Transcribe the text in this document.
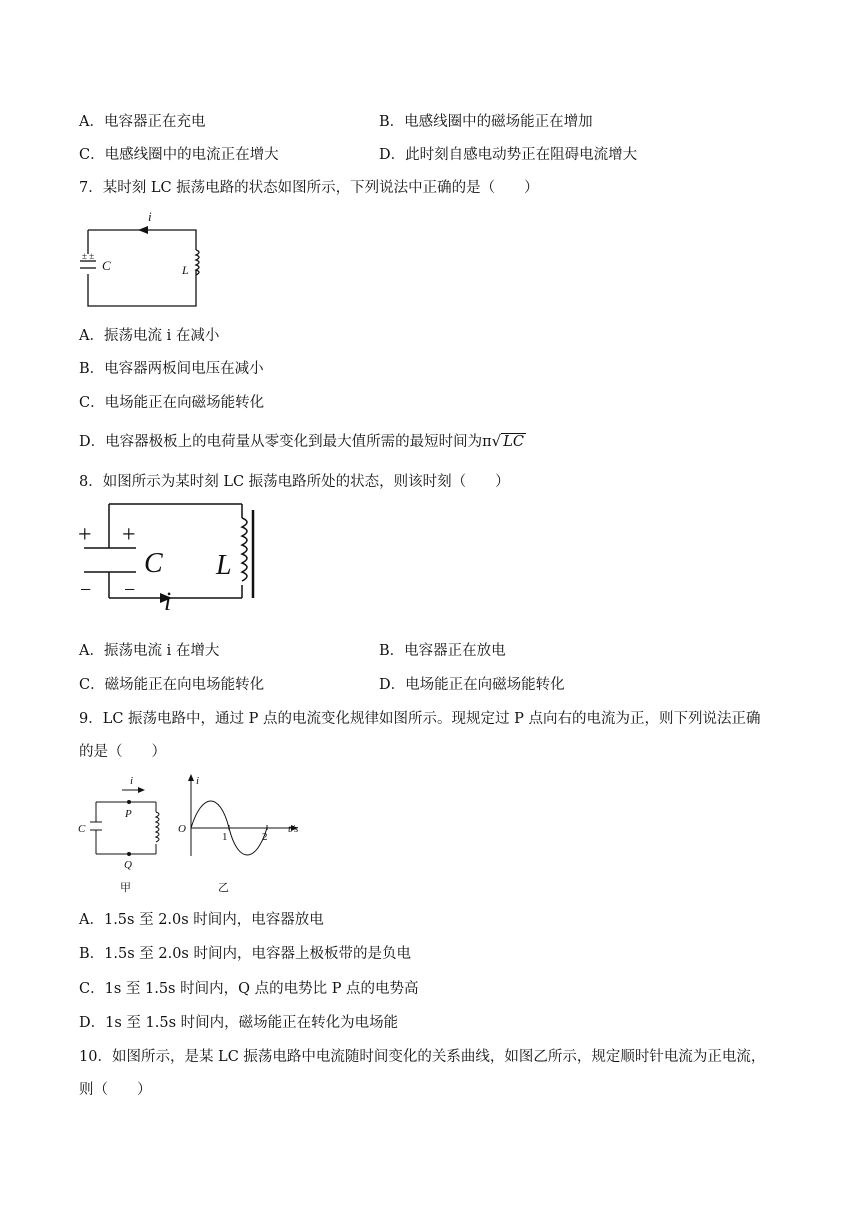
A．电容器正在充电	B．电感线圈中的磁场能正在增加
C．电感线圈中的电流正在增大	D．此时刻自感电动势正在阻碍电流增大
7．某时刻 LC 振荡电路的状态如图所示，下列说法中正确的是（　　）
± ±
i
C	L
A．振荡电流 i 在减小
B．电容器两板间电压在减小
C．电场能正在向磁场能转化
D．电容器极板上的电荷量从零变化到最大值所需的最短时间为π√ LC
8．如图所示为某时刻 LC 振荡电路所处的状态，则该时刻（　　）
+ +
− −
C L
i
A．振荡电流 i 在增大	B．电容器正在放电
C．磁场能正在向电场能转化	D．电场能正在向磁场能转化
9．LC 振荡电路中，通过 P 点的电流变化规律如图所示。现规定过 P 点向右的电流为正，则下列说法正确
的是（　　）
i
P
Q
C
甲
i
t/s
O
1	2
乙
A．1.5s 至 2.0s 时间内，电容器放电
B．1.5s 至 2.0s 时间内，电容器上极板带的是负电
C．1s 至 1.5s 时间内，Q 点的电势比 P 点的电势高
D．1s 至 1.5s 时间内，磁场能正在转化为电场能
10．如图所示，是某 LC 振荡电路中电流随时间变化的关系曲线，如图乙所示，规定顺时针电流为正电流，
则（　　）
